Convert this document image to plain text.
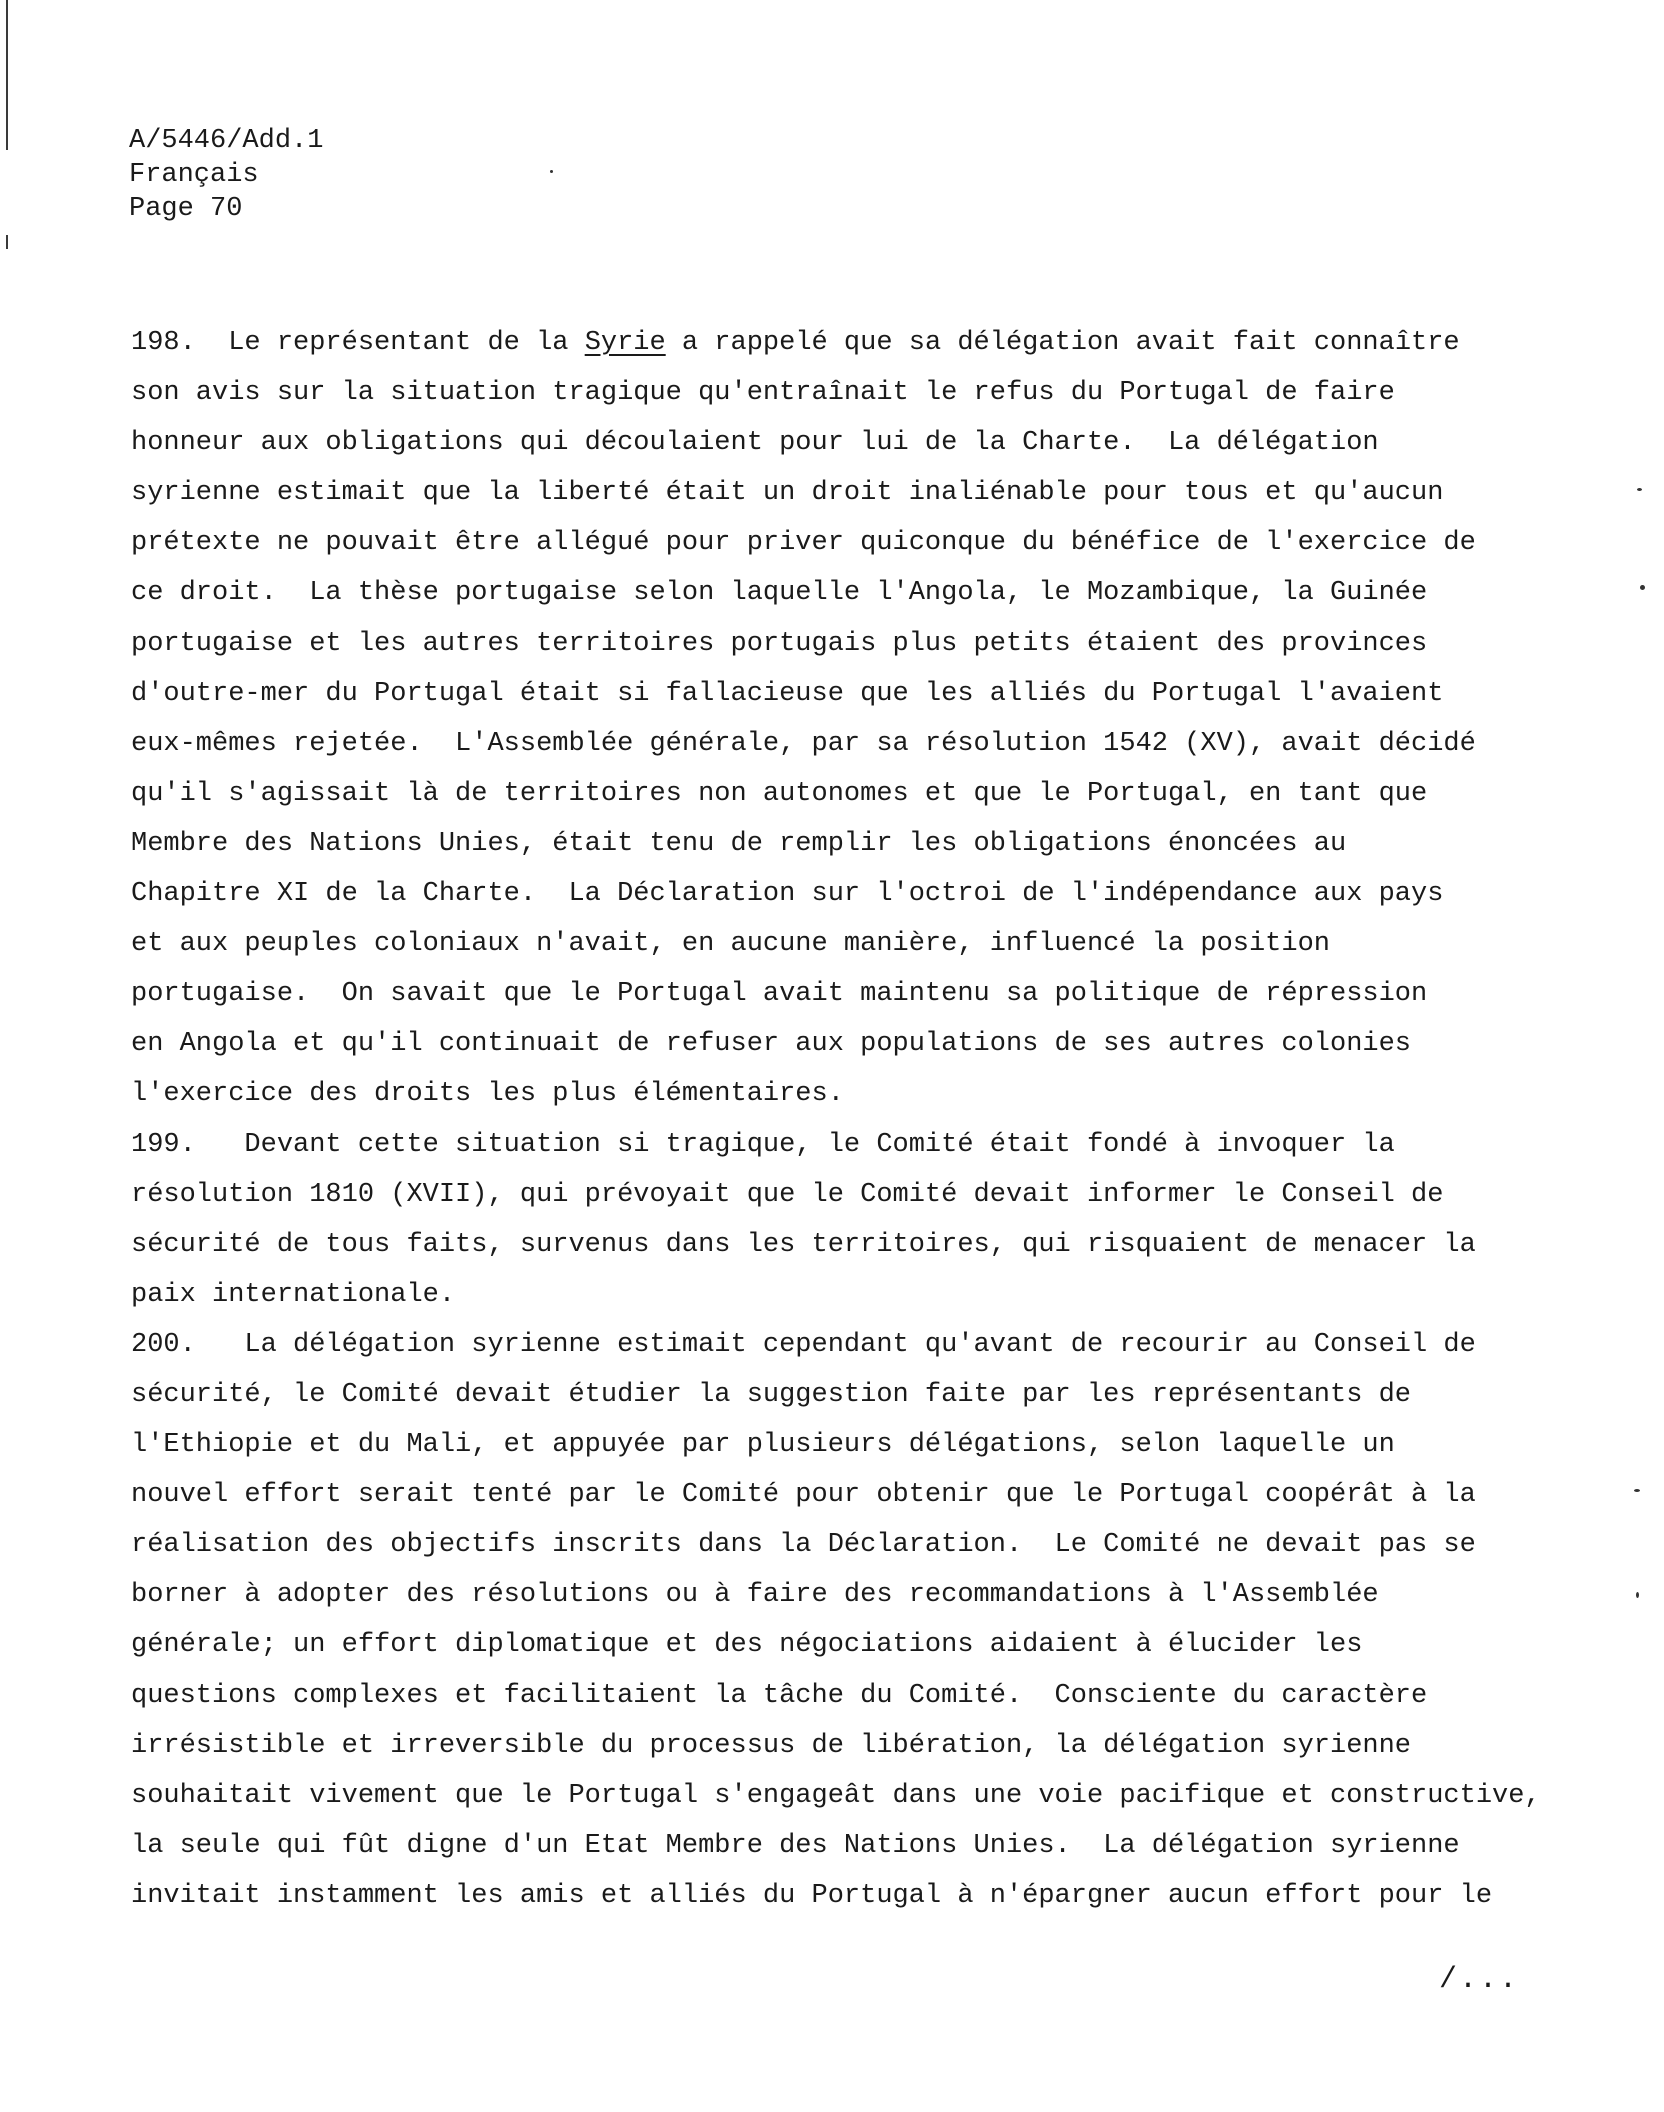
A/5446/Add.1
Français
Page 70
198.  Le représentant de la Syrie a rappelé que sa délégation avait fait connaître
son avis sur la situation tragique qu'entraînait le refus du Portugal de faire
honneur aux obligations qui découlaient pour lui de la Charte.  La délégation
syrienne estimait que la liberté était un droit inaliénable pour tous et qu'aucun
prétexte ne pouvait être allégué pour priver quiconque du bénéfice de l'exercice de
ce droit.  La thèse portugaise selon laquelle l'Angola, le Mozambique, la Guinée
portugaise et les autres territoires portugais plus petits étaient des provinces
d'outre-mer du Portugal était si fallacieuse que les alliés du Portugal l'avaient
eux-mêmes rejetée.  L'Assemblée générale, par sa résolution 1542 (XV), avait décidé
qu'il s'agissait là de territoires non autonomes et que le Portugal, en tant que
Membre des Nations Unies, était tenu de remplir les obligations énoncées au
Chapitre XI de la Charte.  La Déclaration sur l'octroi de l'indépendance aux pays
et aux peuples coloniaux n'avait, en aucune manière, influencé la position
portugaise.  On savait que le Portugal avait maintenu sa politique de répression
en Angola et qu'il continuait de refuser aux populations de ses autres colonies
l'exercice des droits les plus élémentaires.
199.   Devant cette situation si tragique, le Comité était fondé à invoquer la
résolution 1810 (XVII), qui prévoyait que le Comité devait informer le Conseil de
sécurité de tous faits, survenus dans les territoires, qui risquaient de menacer la
paix internationale.
200.   La délégation syrienne estimait cependant qu'avant de recourir au Conseil de
sécurité, le Comité devait étudier la suggestion faite par les représentants de
l'Ethiopie et du Mali, et appuyée par plusieurs délégations, selon laquelle un
nouvel effort serait tenté par le Comité pour obtenir que le Portugal coopérât à la
réalisation des objectifs inscrits dans la Déclaration.  Le Comité ne devait pas se
borner à adopter des résolutions ou à faire des recommandations à l'Assemblée
générale; un effort diplomatique et des négociations aidaient à élucider les
questions complexes et facilitaient la tâche du Comité.  Consciente du caractère
irrésistible et irreversible du processus de libération, la délégation syrienne
souhaitait vivement que le Portugal s'engageât dans une voie pacifique et constructive,
la seule qui fût digne d'un Etat Membre des Nations Unies.  La délégation syrienne
invitait instamment les amis et alliés du Portugal à n'épargner aucun effort pour le
/...
